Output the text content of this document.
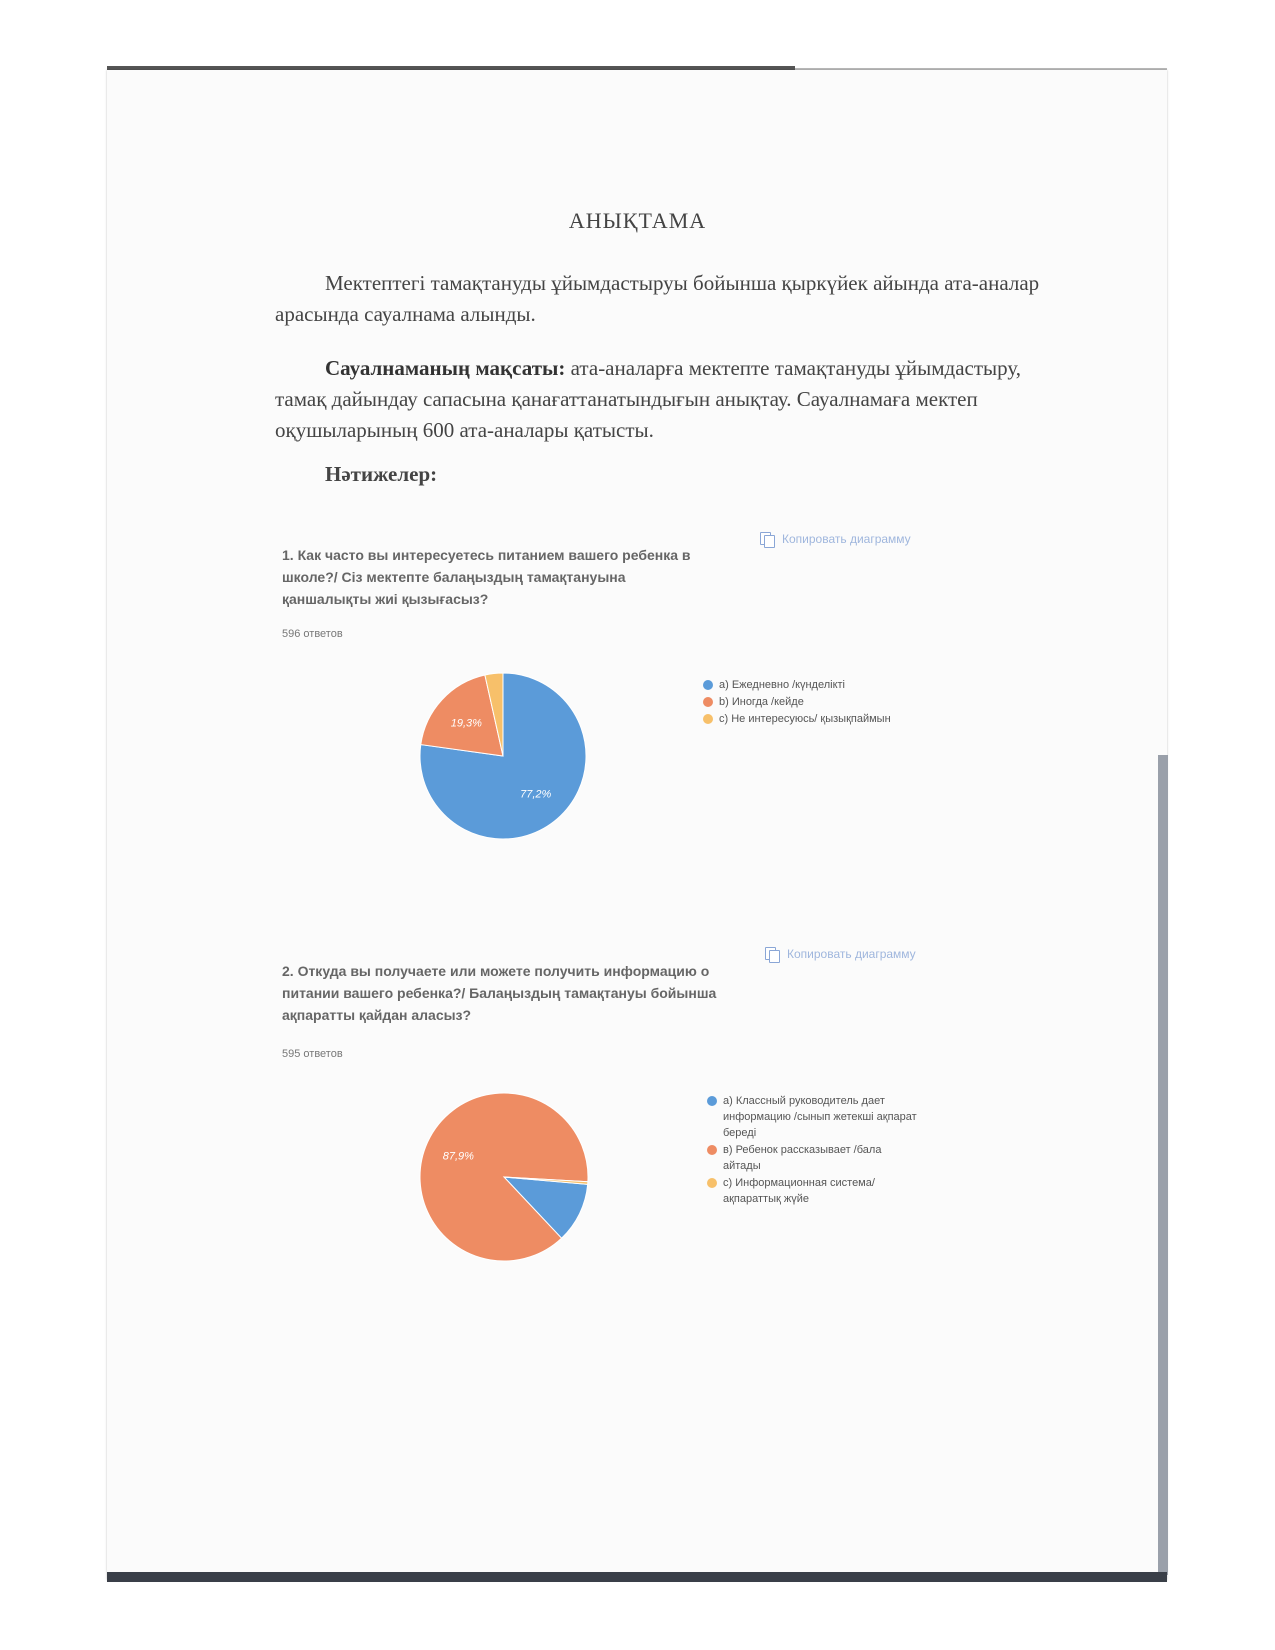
АНЫҚТАМА
Мектептегі тамақтануды ұйымдастыруы бойынша қыркүйек айында ата-аналар арасында сауалнама алынды.
Сауалнаманың мақсаты: ата-аналарға мектепте тамақтануды ұйымдастыру, тамақ дайындау сапасына қанағаттанатындығын анықтау. Сауалнамаға мектеп оқушыларының 600 ата-аналары қатысты.
Нәтижелер:
1. Как часто вы интересуетесь питанием вашего ребенка в школе?/ Сіз мектепте балаңыздың тамақтануына қаншалықты жиі қызығасыз?
Копировать диаграмму
596 ответов
77,2%
19,3%
а) Ежедневно /күнделікті
b) Иногда /кейде
с) Не интересуюсь/ қызықпаймын
2. Откуда вы получаете или можете получить информацию о питании вашего ребенка?/ Балаңыздың тамақтануы бойынша ақпаратты қайдан аласыз?
Копировать диаграмму
595 ответов
87,9%
а) Классный руководитель дает информацию /сынып жетекші ақпарат береді
в) Ребенок рассказывает /бала айтады
с) Информационная система/ ақпараттық жүйе
